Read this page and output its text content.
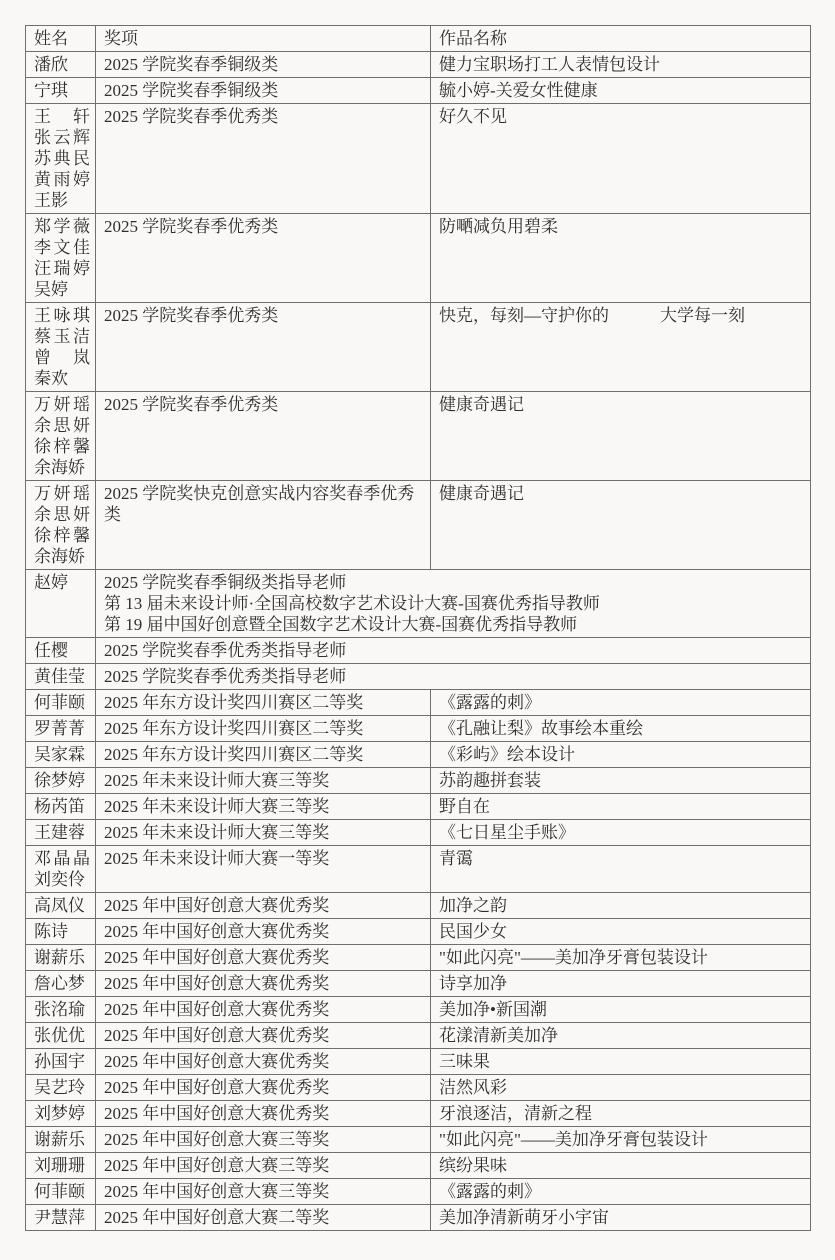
姓名	奖项	作品名称

潘欣	2025 学院奖春季铜级类	健力宝职场打工人表情包设计

宁琪	2025 学院奖春季铜级类	毓小婷-关爱女性健康

王轩
张云辉
苏典民
黄雨婷
王影	2025 学院奖春季优秀类	好久不见

郑学薇
李文佳
汪瑞婷
吴婷	2025 学院奖春季优秀类	防嗮减负用碧柔

王咏琪
蔡玉洁
曾岚
秦欢	2025 学院奖春季优秀类	快克，每刻—守护你的　　　大学每一刻

万妍瑶
余思妍
徐梓馨
余海娇	2025 学院奖春季优秀类	健康奇遇记

万妍瑶
余思妍
徐梓馨
余海娇	2025 学院奖快克创意实战内容奖春季优秀类	健康奇遇记

赵婷	2025 学院奖春季铜级类指导老师
第 13 届未来设计师·全国高校数字艺术设计大赛-国赛优秀指导教师
第 19 届中国好创意暨全国数字艺术设计大赛-国赛优秀指导教师	

任樱	2025 学院奖春季优秀类指导老师	

黄佳莹	2025 学院奖春季优秀类指导老师	

何菲颐	2025 年东方设计奖四川赛区二等奖	《露露的刺》

罗菁菁	2025 年东方设计奖四川赛区二等奖	《孔融让梨》故事绘本重绘

吴家霖	2025 年东方设计奖四川赛区二等奖	《彩屿》绘本设计

徐梦婷	2025 年未来设计师大赛三等奖	苏韵趣拼套装

杨芮笛	2025 年未来设计师大赛三等奖	野自在

王建蓉	2025 年未来设计师大赛三等奖	《七日星尘手账》

邓晶晶
刘奕伶	2025 年未来设计师大赛一等奖	青霭

高凤仪	2025 年中国好创意大赛优秀奖	加净之韵

陈诗	2025 年中国好创意大赛优秀奖	民国少女

谢薪乐	2025 年中国好创意大赛优秀奖	"如此闪亮"——美加净牙膏包装设计

詹心梦	2025 年中国好创意大赛优秀奖	诗享加净

张洺瑜	2025 年中国好创意大赛优秀奖	美加净•新国潮

张优优	2025 年中国好创意大赛优秀奖	花漾清新美加净

孙国宇	2025 年中国好创意大赛优秀奖	三味果

吴艺玲	2025 年中国好创意大赛优秀奖	洁然风彩

刘梦婷	2025 年中国好创意大赛优秀奖	牙浪逐洁，清新之程

谢薪乐	2025 年中国好创意大赛三等奖	"如此闪亮"——美加净牙膏包装设计

刘珊珊	2025 年中国好创意大赛三等奖	缤纷果味

何菲颐	2025 年中国好创意大赛三等奖	《露露的刺》

尹慧萍	2025 年中国好创意大赛二等奖	美加净清新萌牙小宇宙
